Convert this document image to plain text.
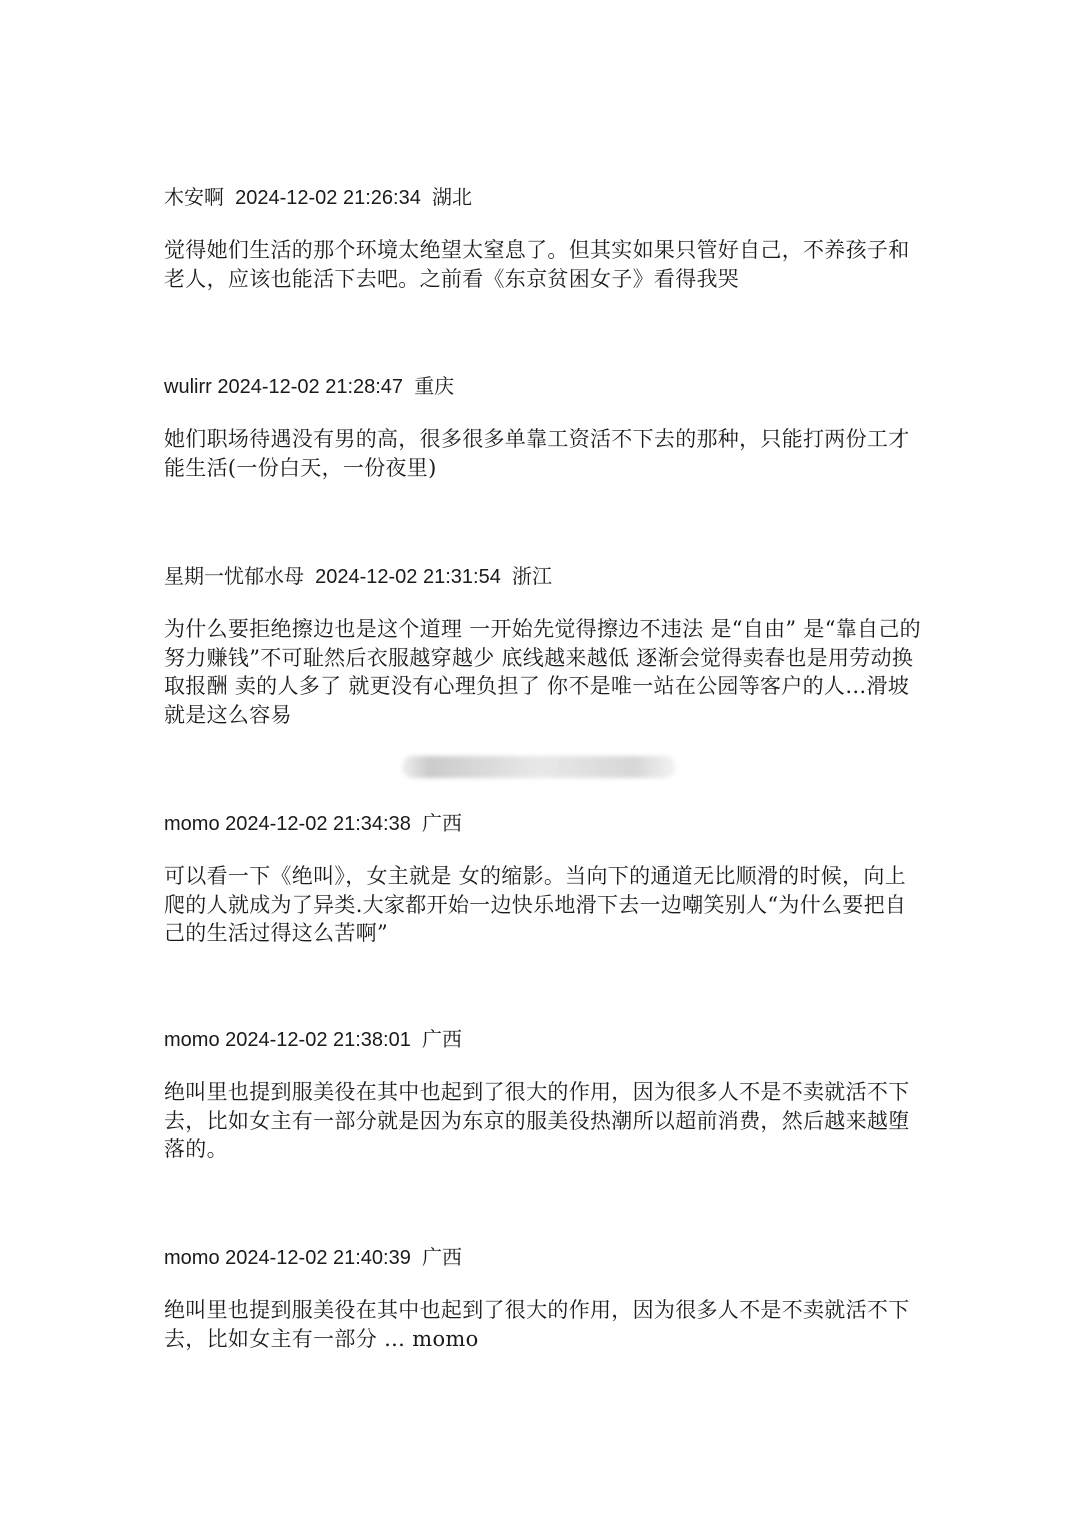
木安啊 2024-12-02 21:26:34 湖北
觉得她们生活的那个环境太绝望太窒息了。但其实如果只管好自己，不养孩子和老人，应该也能活下去吧。之前看《东京贫困女子》看得我哭
wulirr 2024-12-02 21:28:47 重庆
她们职场待遇没有男的高，很多很多单靠工资活不下去的那种，只能打两份工才能生活(一份白天，一份夜里)
星期一忧郁水母 2024-12-02 21:31:54 浙江
为什么要拒绝擦边也是这个道理 一开始先觉得擦边不违法 是“自由” 是“靠自己的努力赚钱”不可耻然后衣服越穿越少 底线越来越低 逐渐会觉得卖春也是用劳动换取报酬 卖的人多了 就更没有心理负担了 你不是唯一站在公园等客户的人…滑坡就是这么容易
momo 2024-12-02 21:34:38 广西
可以看一下《绝叫》，女主就是 女的缩影。当向下的通道无比顺滑的时候，向上爬的人就成为了异类.大家都开始一边快乐地滑下去一边嘲笑别人“为什么要把自己的生活过得这么苦啊”
momo 2024-12-02 21:38:01 广西
绝叫里也提到服美役在其中也起到了很大的作用，因为很多人不是不卖就活不下去，比如女主有一部分就是因为东京的服美役热潮所以超前消费，然后越来越堕落的。
momo 2024-12-02 21:40:39 广西
绝叫里也提到服美役在其中也起到了很大的作用，因为很多人不是不卖就活不下去，比如女主有一部分 … momo
